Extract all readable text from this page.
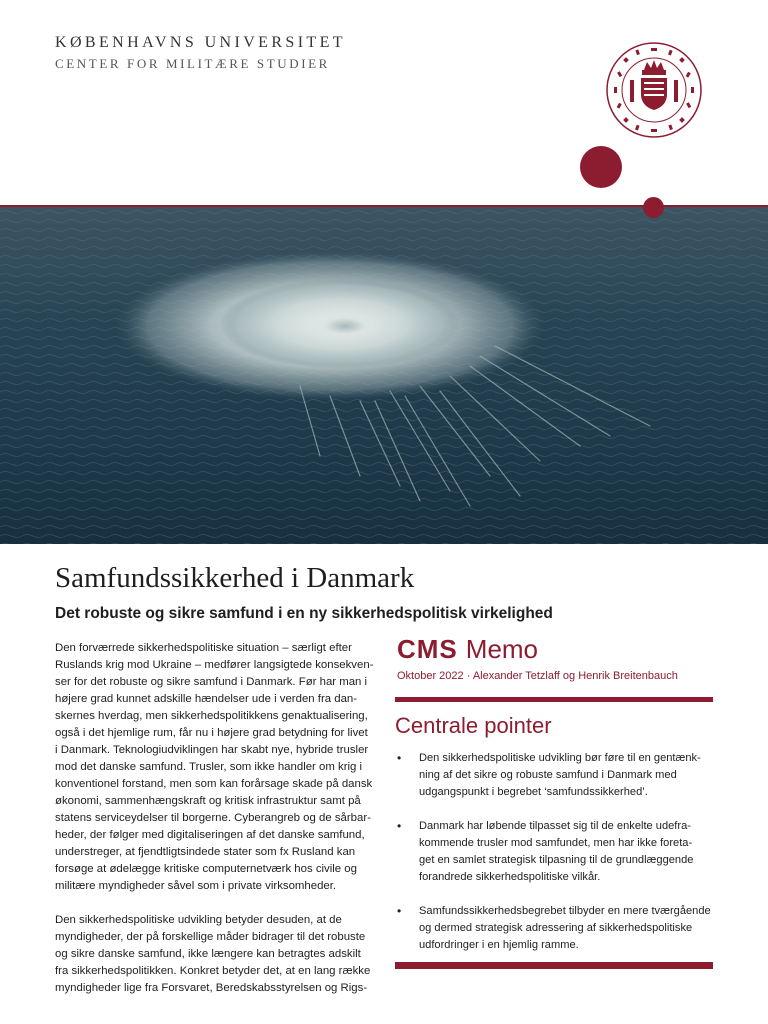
KØBENHAVNS UNIVERSITET
CENTER FOR MILITÆRE STUDIER
Samfundssikkerhed i Danmark
Det robuste og sikre samfund i en ny sikkerhedspolitisk virkelighed

Den forværrede sikkerhedspolitiske situation – særligt efter
Ruslands krig mod Ukraine – medfører langsigtede konsekven-
ser for det robuste og sikre samfund i Danmark. Før har man i
højere grad kunnet adskille hændelser ude i verden fra dan-
skernes hverdag, men sikkerhedspolitikkens genaktualisering,
også i det hjemlige rum, får nu i højere grad betydning for livet
i Danmark. Teknologiudviklingen har skabt nye, hybride trusler
mod det danske samfund. Trusler, som ikke handler om krig i
konventionel forstand, men som kan forårsage skade på dansk
økonomi, sammenhængskraft og kritisk infrastruktur samt på
statens serviceydelser til borgerne. Cyberangreb og de sårbar-
heder, der følger med digitaliseringen af det danske samfund,
understreger, at fjendtligtsindede stater som fx Rusland kan
forsøge at ødelægge kritiske computernetværk hos civile og
militære myndigheder såvel som i private virksomheder.

Den sikkerhedspolitiske udvikling betyder desuden, at de
myndigheder, der på forskellige måder bidrager til det robuste
og sikre danske samfund, ikke længere kan betragtes adskilt
fra sikkerhedspolitikken. Konkret betyder det, at en lang række
myndigheder lige fra Forsvaret, Beredskabsstyrelsen og Rigs-

CMS Memo
Oktober 2022 · Alexander Tetzlaff og Henrik Breitenbauch
Centrale pointer
• Den sikkerhedspolitiske udvikling bør føre til en gentænk-
ning af det sikre og robuste samfund i Danmark med
udgangspunkt i begrebet ‘samfundssikkerhed’.
• Danmark har løbende tilpasset sig til de enkelte udefra-
kommende trusler mod samfundet, men har ikke foreta-
get en samlet strategisk tilpasning til de grundlæggende
forandrede sikkerhedspolitiske vilkår.
• Samfundssikkerhedsbegrebet tilbyder en mere tværgående
og dermed strategisk adressering af sikkerhedspolitiske
udfordringer i en hjemlig ramme.
